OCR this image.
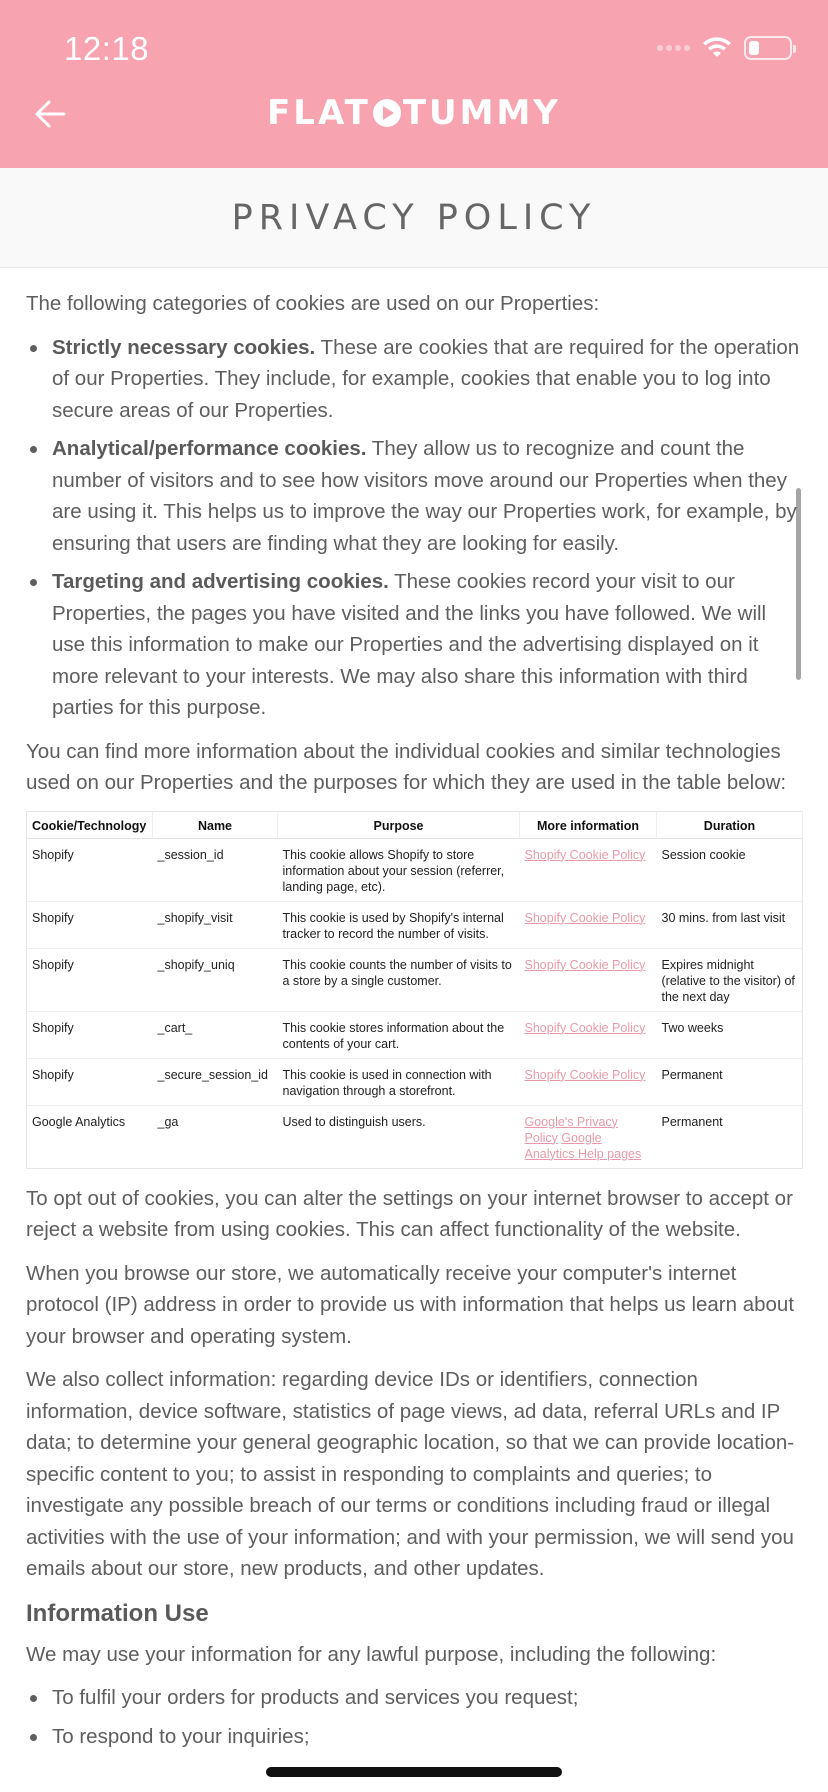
12:18
FLAT TUMMY
PRIVACY POLICY

The following categories of cookies are used on our Properties:

Strictly necessary cookies. These are cookies that are required for the operation of our Properties. They include, for example, cookies that enable you to log into secure areas of our Properties.
Analytical/performance cookies. They allow us to recognize and count the number of visitors and to see how visitors move around our Properties when they are using it. This helps us to improve the way our Properties work, for example, by ensuring that users are finding what they are looking for easily.
Targeting and advertising cookies. These cookies record your visit to our Properties, the pages you have visited and the links you have followed. We will use this information to make our Properties and the advertising displayed on it more relevant to your interests. We may also share this information with third parties for this purpose.

You can find more information about the individual cookies and similar technologies used on our Properties and the purposes for which they are used in the table below:

Cookie/Technology	Name	Purpose	More information	Duration
Shopify	_session_id	This cookie allows Shopify to store information about your session (referrer, landing page, etc).	Shopify Cookie Policy	Session cookie
Shopify	_shopify_visit	This cookie is used by Shopify's internal tracker to record the number of visits.	Shopify Cookie Policy	30 mins. from last visit
Shopify	_shopify_uniq	This cookie counts the number of visits to a store by a single customer.	Shopify Cookie Policy	Expires midnight (relative to the visitor) of the next day
Shopify	_cart_	This cookie stores information about the contents of your cart.	Shopify Cookie Policy	Two weeks
Shopify	_secure_session_id	This cookie is used in connection with navigation through a storefront.	Shopify Cookie Policy	Permanent
Google Analytics	_ga	Used to distinguish users.	Google's Privacy Policy Google Analytics Help pages	Permanent

To opt out of cookies, you can alter the settings on your internet browser to accept or reject a website from using cookies. This can affect functionality of the website.

When you browse our store, we automatically receive your computer's internet protocol (IP) address in order to provide us with information that helps us learn about your browser and operating system.

We also collect information: regarding device IDs or identifiers, connection information, device software, statistics of page views, ad data, referral URLs and IP data; to determine your general geographic location, so that we can provide location-specific content to you; to assist in responding to complaints and queries; to investigate any possible breach of our terms or conditions including fraud or illegal activities with the use of your information; and with your permission, we will send you emails about our store, new products, and other updates.

Information Use

We may use your information for any lawful purpose, including the following:

To fulfil your orders for products and services you request;
To respond to your inquiries;
